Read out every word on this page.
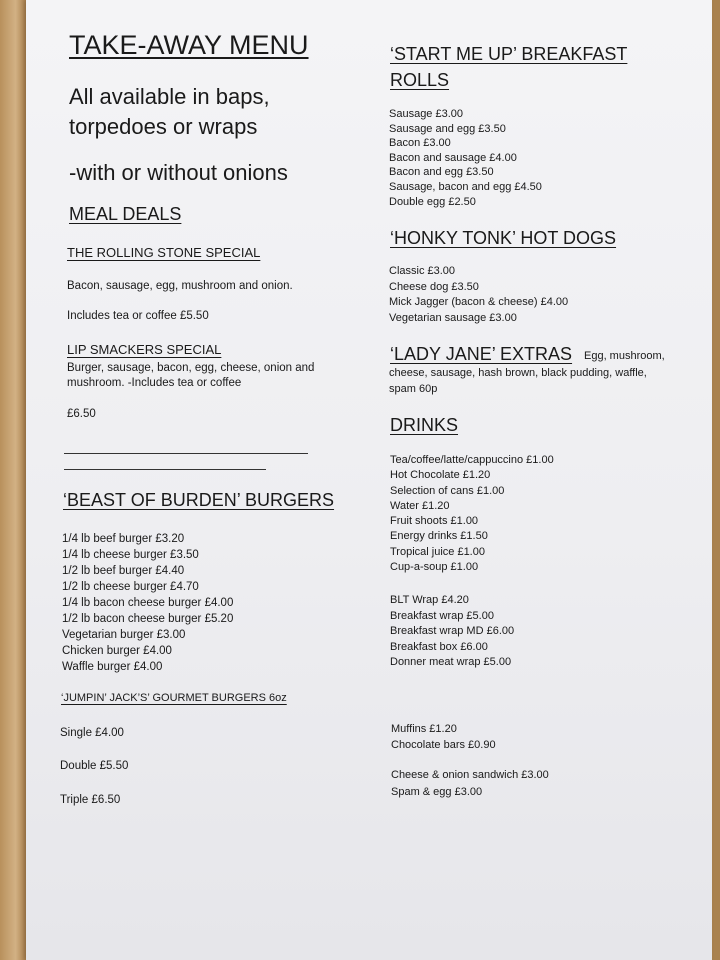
TAKE-AWAY MENU
All available in baps,
torpedoes or wraps
-with or without onions
MEAL DEALS
THE ROLLING STONE SPECIAL
Bacon, sausage, egg, mushroom and onion.
Includes tea or coffee £5.50
LIP SMACKERS SPECIAL
Burger, sausage, bacon, egg, cheese, onion and
mushroom. -Includes tea or coffee
£6.50
‘BEAST OF BURDEN’ BURGERS
1/4 lb beef burger £3.20
1/4 lb cheese burger £3.50
1/2 lb beef burger £4.40
1/2 lb cheese burger £4.70
1/4 lb bacon cheese burger £4.00
1/2 lb bacon cheese burger £5.20
Vegetarian burger £3.00
Chicken burger £4.00
Waffle burger £4.00
‘JUMPIN’ JACK’S’ GOURMET BURGERS 6oz
Single £4.00
Double £5.50
Triple £6.50
‘START ME UP’ BREAKFAST
ROLLS
Sausage £3.00
Sausage and egg £3.50
Bacon £3.00
Bacon and sausage £4.00
Bacon and egg £3.50
Sausage, bacon and egg £4.50
Double egg £2.50
‘HONKY TONK’ HOT DOGS
Classic £3.00
Cheese dog £3.50
Mick Jagger (bacon & cheese) £4.00
Vegetarian sausage £3.00
‘LADY JANE’ EXTRAS Egg, mushroom,
cheese, sausage, hash brown, black pudding, waffle,
spam 60p
DRINKS
Tea/coffee/latte/cappuccino £1.00
Hot Chocolate £1.20
Selection of cans £1.00
Water £1.20
Fruit shoots £1.00
Energy drinks £1.50
Tropical juice £1.00
Cup-a-soup £1.00
BLT Wrap £4.20
Breakfast wrap £5.00
Breakfast wrap MD £6.00
Breakfast box £6.00
Donner meat wrap £5.00
Muffins £1.20
Chocolate bars £0.90
Cheese & onion sandwich £3.00
Spam & egg £3.00
